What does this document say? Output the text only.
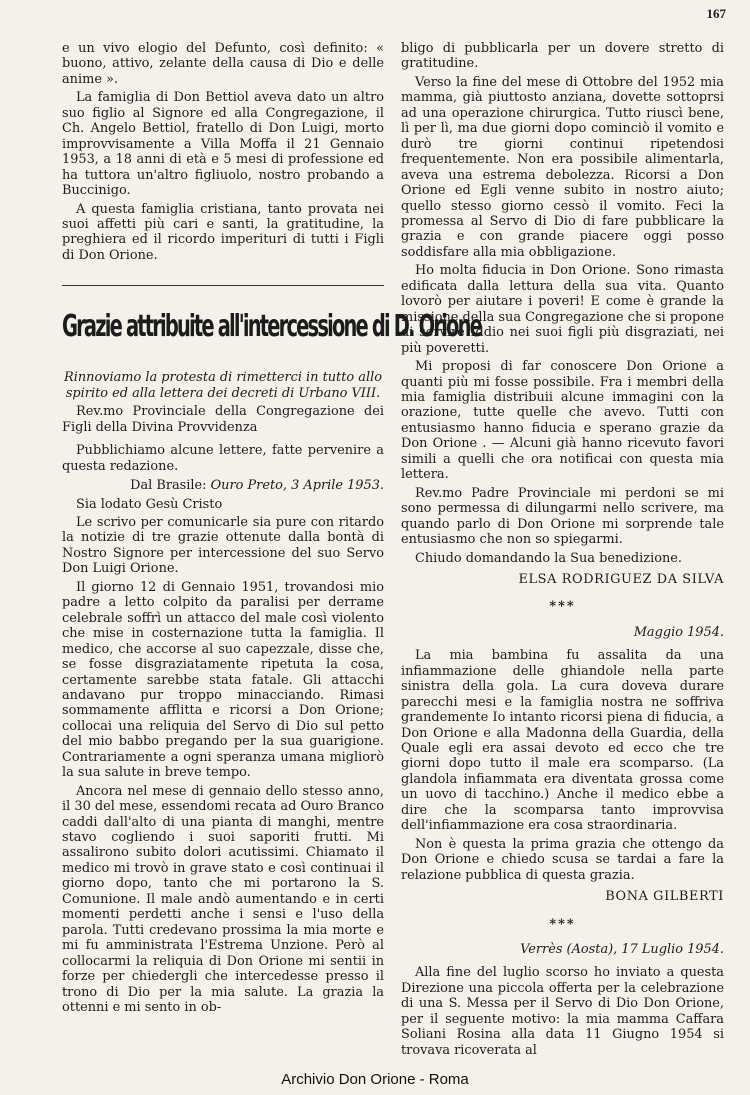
167

e un vivo elogio del Defunto, così definito: « buono, attivo, zelante della causa di Dio e delle anime ».

La famiglia di Don Bettiol aveva dato un altro suo figlio al Signore ed alla Congregazione, il Ch. Angelo Bettiol, fratello di Don Luigi, morto improvvisamente a Villa Moffa il 21 Gennaio 1953, a 18 anni di età e 5 mesi di professione ed ha tuttora un'altro figliuolo, nostro probando a Buccinigo.

A questa famiglia cristiana, tanto provata nei suoi affetti più cari e santi, la gratitudine, la preghiera ed il ricordo imperituri di tutti i Figli di Don Orione.

Grazie attribuite all'intercessione di D. Orione

Rinnoviamo la protesta di rimetterci in tutto allo spirito ed alla lettera dei decreti di Urbano VIII.

Rev.mo Provinciale della Congregazione dei Figli della Divina Provvidenza

Pubblichiamo alcune lettere, fatte pervenire a questa redazione.

Dal Brasile: Ouro Preto, 3 Aprile 1953.

Sia lodato Gesù Cristo

Le scrivo per comunicarle sia pure con ritardo la notizie di tre grazie ottenute dalla bontà di Nostro Signore per intercessione del suo Servo Don Luigi Orione.

Il giorno 12 di Gennaio 1951, trovandosi mio padre a letto colpito da paralisi per derrame celebrale soffrì un attacco del male così violento che mise in costernazione tutta la famiglia. Il medico, che accorse al suo capezzale, disse che, se fosse disgraziatamente ripetuta la cosa, certamente sarebbe stata fatale. Gli attacchi andavano pur troppo minacciando. Rimasi sommamente afflitta e ricorsi a Don Orione; collocai una reliquia del Servo di Dio sul petto del mio babbo pregando per la sua guarigione. Contrariamente a ogni speranza umana migliorò la sua salute in breve tempo.

Ancora nel mese di gennaio dello stesso anno, il 30 del mese, essendomi recata ad Ouro Branco caddi dall'alto di una pianta di manghi, mentre stavo cogliendo i suoi saporiti frutti. Mi assalirono subito dolori acutissimi. Chiamato il medico mi trovò in grave stato e così continuai il giorno dopo, tanto che mi portarono la S. Comunione. Il male andò aumentando e in certi momenti perdetti anche i sensi e l'uso della parola. Tutti credevano prossima la mia morte e mi fu amministrata l'Estrema Unzione. Però al collocarmi la reliquia di Don Orione mi sentii in forze per chiedergli che intercedesse presso il trono di Dio per la mia salute. La grazia la ottenni e mi sento in ob-

bligo di pubblicarla per un dovere stretto di gratitudine.

Verso la fine del mese di Ottobre del 1952 mia mamma, già piuttosto anziana, dovette sottoprsi ad una operazione chirurgica. Tutto riuscì bene, lì per lì, ma due giorni dopo cominciò il vomito e durò tre giorni continui ripetendosi frequentemente. Non era possibile alimentarla, aveva una estrema debolezza. Ricorsi a Don Orione ed Egli venne subito in nostro aiuto; quello stesso giorno cessò il vomito. Feci la promessa al Servo di Dio di fare pubblicare la grazia e con grande piacere oggi posso soddisfare alla mia obbligazione.

Ho molta fiducia in Don Orione. Sono rimasta edificata dalla lettura della sua vita. Quanto lovorò per aiutare i poveri! E come è grande la missione della sua Congregazione che si propone di servire Iddio nei suoi figli più disgraziati, nei più poveretti.

Mi proposi di far conoscere Don Orione a quanti più mi fosse possibile. Fra i membri della mia famiglia distribuii alcune immagini con la orazione, tutte quelle che avevo. Tutti con entusiasmo hanno fiducia e sperano grazie da Don Orione . — Alcuni già hanno ricevuto favori simili a quelli che ora notificai con questa mia lettera.

Rev.mo Padre Provinciale mi perdoni se mi sono permessa di dilungarmi nello scrivere, ma quando parlo di Don Orione mi sorprende tale entusiasmo che non so spiegarmi.

Chiudo domandando la Sua benedizione.

ELSA RODRIGUEZ DA SILVA
***
Maggio 1954.

La mia bambina fu assalita da una infiammazione delle ghiandole nella parte sinistra della gola. La cura doveva durare parecchi mesi e la famiglia nostra ne soffriva grandemente Io intanto ricorsi piena di fiducia, a Don Orione e alla Madonna della Guardia, della Quale egli era assai devoto ed ecco che tre giorni dopo tutto il male era scomparso. (La glandola infiammata era diventata grossa come un uovo di tacchino.) Anche il medico ebbe a dire che la scomparsa tanto improvvisa dell'infiammazione era cosa straordinaria.

Non è questa la prima grazia che ottengo da Don Orione e chiedo scusa se tardai a fare la relazione pubblica di questa grazia.

BONA GILBERTI
***
Verrès (Aosta), 17 Luglio 1954.

Alla fine del luglio scorso ho inviato a questa Direzione una piccola offerta per la celebrazione di una S. Messa per il Servo di Dio Don Orione, per il seguente motivo: la mia mamma Caffara Soliani Rosina alla data 11 Giugno 1954 si trovava ricoverata al

Archivio Don Orione - Roma
